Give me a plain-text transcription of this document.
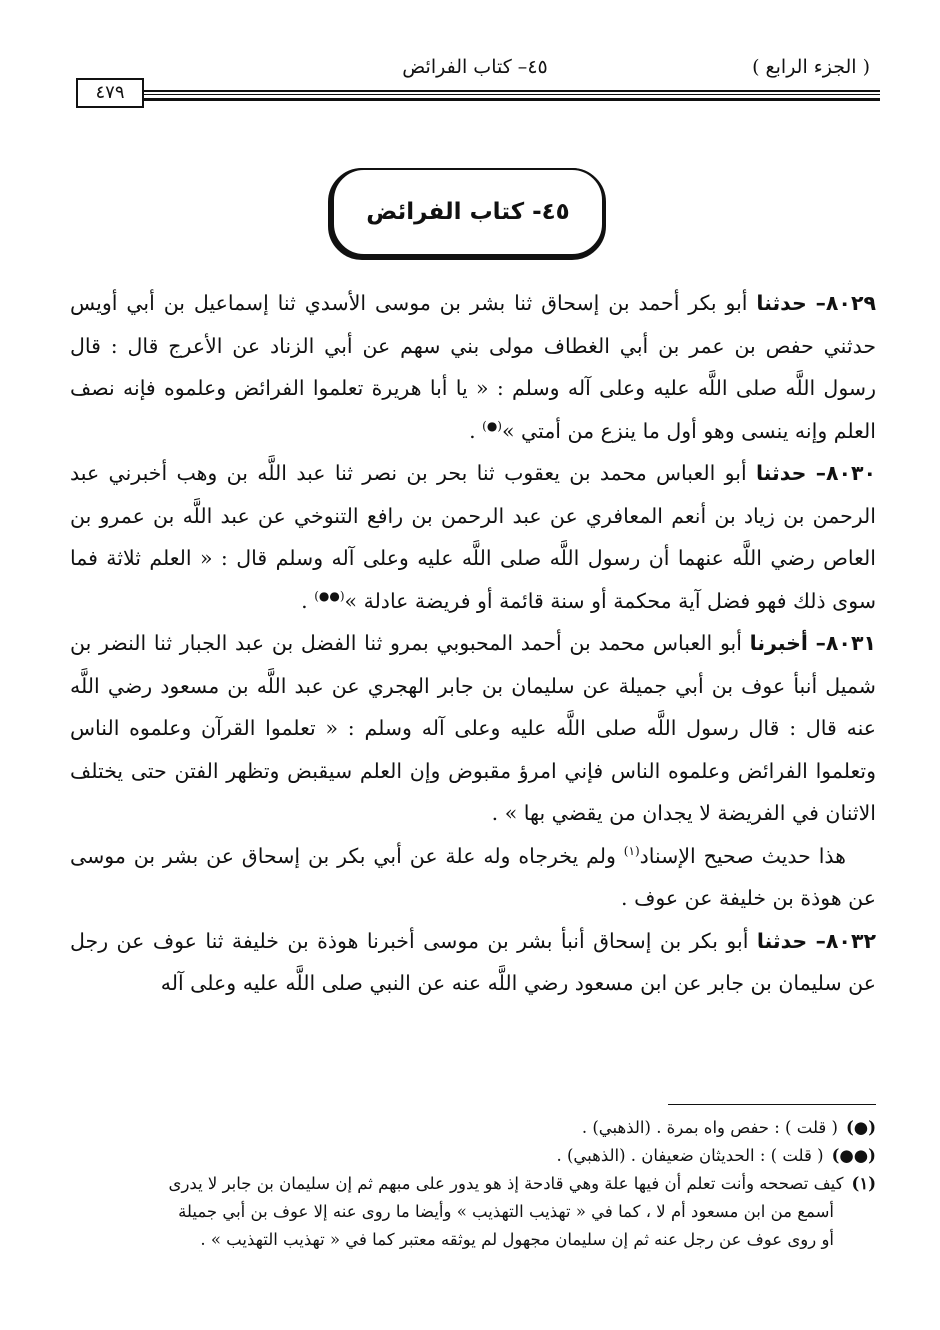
( الجزء الرابع )
٤٥– كتاب الفرائض
٤٧٩
٤٥- كتاب الفرائض

٨٠٢٩– حدثنا أبو بكر أحمد بن إسحاق ثنا بشر بن موسى الأسدي ثنا إسماعيل بن أبي أويس حدثني حفص بن عمر بن أبي الغطاف مولى بني سهم عن أبي الزناد عن الأعرج قال : قال رسول اللَّه صلى اللَّه عليه وعلى آله وسلم : « يا أبا هريرة تعلموا الفرائض وعلموه فإنه نصف العلم وإنه ينسى وهو أول ما ينزع من أمتي »(●) .

٨٠٣٠– حدثنا أبو العباس محمد بن يعقوب ثنا بحر بن نصر ثنا عبد اللَّه بن وهب أخبرني عبد الرحمن بن زياد بن أنعم المعافري عن عبد الرحمن بن رافع التنوخي عن عبد اللَّه بن عمرو بن العاص رضي اللَّه عنهما أن رسول اللَّه صلى اللَّه عليه وعلى آله وسلم قال : « العلم ثلاثة فما سوى ذلك فهو فضل آية محكمة أو سنة قائمة أو فريضة عادلة »(●●) .

٨٠٣١– أخبرنا أبو العباس محمد بن أحمد المحبوبي بمرو ثنا الفضل بن عبد الجبار ثنا النضر بن شميل أنبأ عوف بن أبي جميلة عن سليمان بن جابر الهجري عن عبد اللَّه بن مسعود رضي اللَّه عنه قال : قال رسول اللَّه صلى اللَّه عليه وعلى آله وسلم : « تعلموا القرآن وعلموه الناس وتعلموا الفرائض وعلموه الناس فإني امرؤ مقبوض وإن العلم سيقبض وتظهر الفتن حتى يختلف الاثنان في الفريضة لا يجدان من يقضي بها » .

هذا حديث صحيح الإسناد$^{(١)}$ ولم يخرجاه وله علة عن أبي بكر بن إسحاق عن بشر بن موسى عن هوذة بن خليفة عن عوف .

٨٠٣٢– حدثنا أبو بكر بن إسحاق أنبأ بشر بن موسى أخبرنا هوذة بن خليفة ثنا عوف عن رجل عن سليمان بن جابر عن ابن مسعود رضي اللَّه عنه عن النبي صلى اللَّه عليه وعلى آله

(●)( قلت ) : حفص واه بمرة . (الذهبي) .

(●●)( قلت ) : الحديثان ضعيفان . (الذهبي) .

(١)كيف تصححه وأنت تعلم أن فيها علة وهي قادحة إذ هو يدور على مبهم ثم إن سليمان بن جابر لا يدرى

أسمع من ابن مسعود أم لا ، كما في « تهذيب التهذيب » وأيضا ما روى عنه إلا عوف بن أبي جميلة

أو روى عوف عن رجل عنه ثم إن سليمان مجهول لم يوثقه معتبر كما في « تهذيب التهذيب » .
